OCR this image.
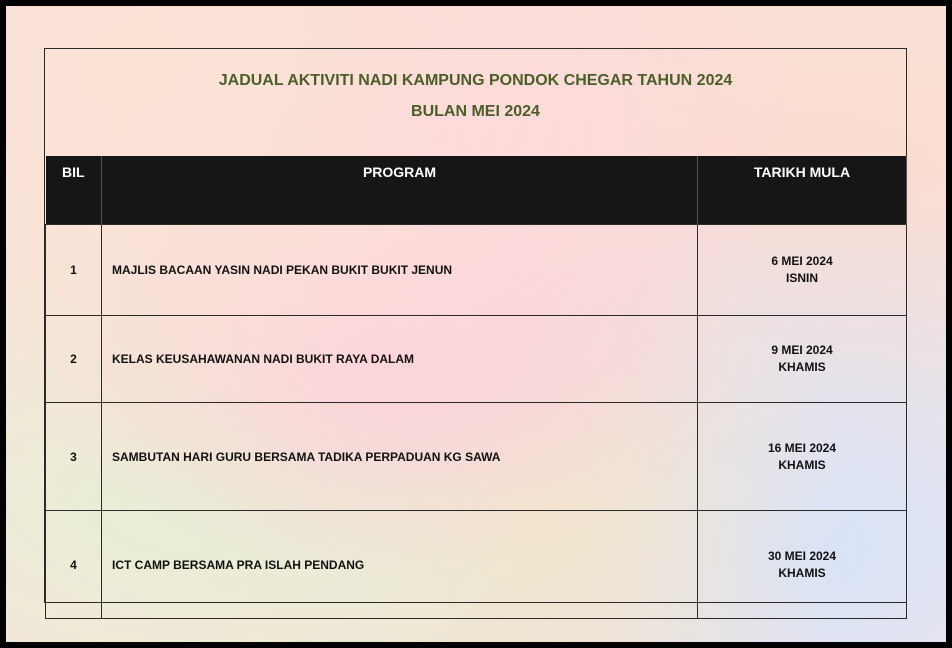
JADUAL AKTIVITI NADI KAMPUNG PONDOK CHEGAR TAHUN 2024
BULAN MEI 2024
BIL	PROGRAM	TARIKH MULA
1	MAJLIS BACAAN YASIN NADI PEKAN BUKIT BUKIT JENUN	6 MEI 2024
ISNIN

2	KELAS KEUSAHAWANAN NADI BUKIT RAYA DALAM	9 MEI 2024
KHAMIS

3	SAMBUTAN HARI GURU BERSAMA TADIKA PERPADUAN KG SAWA	16 MEI 2024
KHAMIS

4	ICT CAMP BERSAMA PRA ISLAH PENDANG	30 MEI 2024
KHAMIS
